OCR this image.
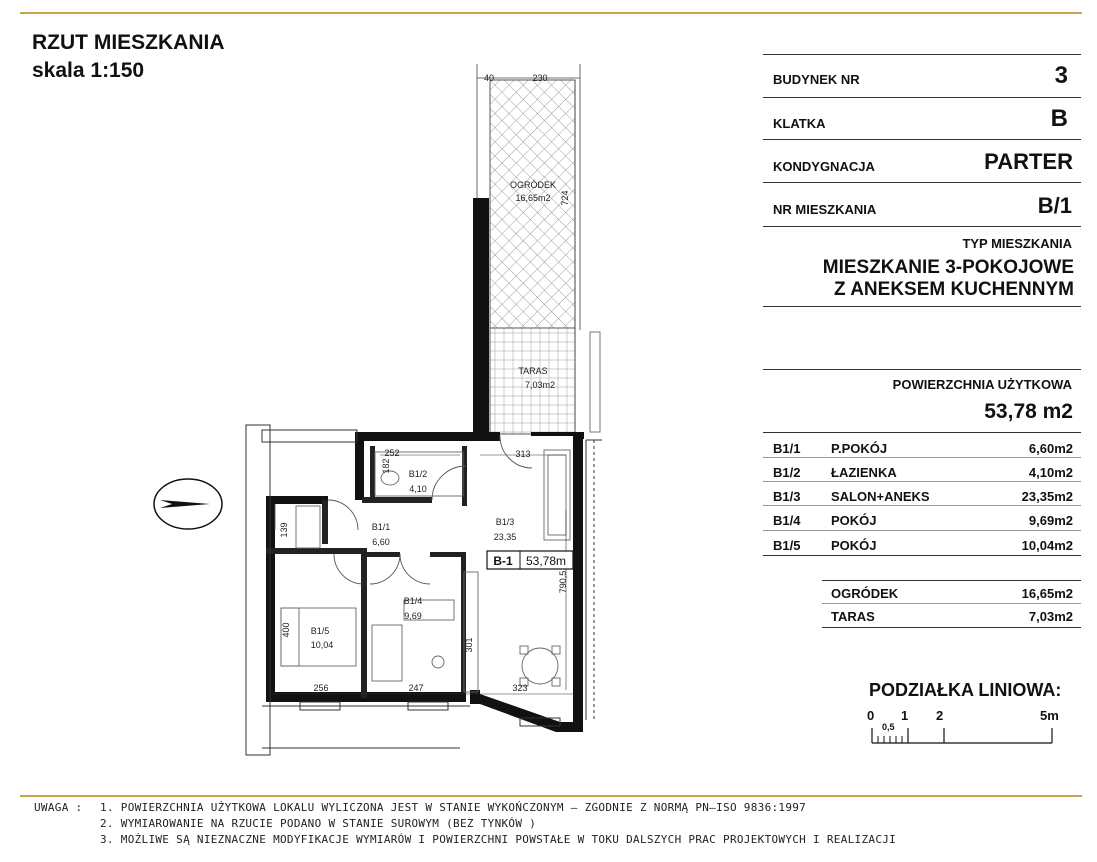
RZUT MIESZKANIA
skala 1:150	BUDYNEK NR	3
KLATKA	B
KONDYGNACJA	PARTER
NR MIESZKANIA	B/1
TYP MIESZKANIA
MIESZKANIE 3-POKOJOWE
Z ANEKSEM KUCHENNYM
POWIERZCHNIA UŻYTKOWA
53,78 m2
B1/1 P.POKÓJ	6,60m2
B1/2 ŁAZIENKA	4,10m2
B1/3 SALON+ANEKS	23,35m2
B1/4 POKÓJ	9,69m2
B1/5 POKÓJ	10,04m2
OGRÓDEK	16,65m2
TARAS	7,03m2
PODZIAŁKA LINIOWA:
0
0,5
1 2	5m
OGRÓDEK
16,65m2
TARAS
7,03m2
B1/1
6,60
B1/2
4,10
B1/3
23,35
B1/4
9,69
B1/5
10,04
40	230
252	313
256	247	323
724
182
139
400
301
790,5
B-1 53,78m
UWAGA : 1. POWIERZCHNIA UŻYTKOWA LOKALU WYLICZONA JEST W STANIE WYKOŃCZONYM – ZGODNIE Z NORMĄ PN–ISO 9836:1997
2. WYMIAROWANIE NA RZUCIE PODANO W STANIE SUROWYM (BEZ TYNKÓW )
3. MOŻLIWE SĄ NIEZNACZNE MODYFIKACJE WYMIARÓW I POWIERZCHNI POWSTAŁE W TOKU DALSZYCH PRAC PROJEKTOWYCH I REALIZACJI
